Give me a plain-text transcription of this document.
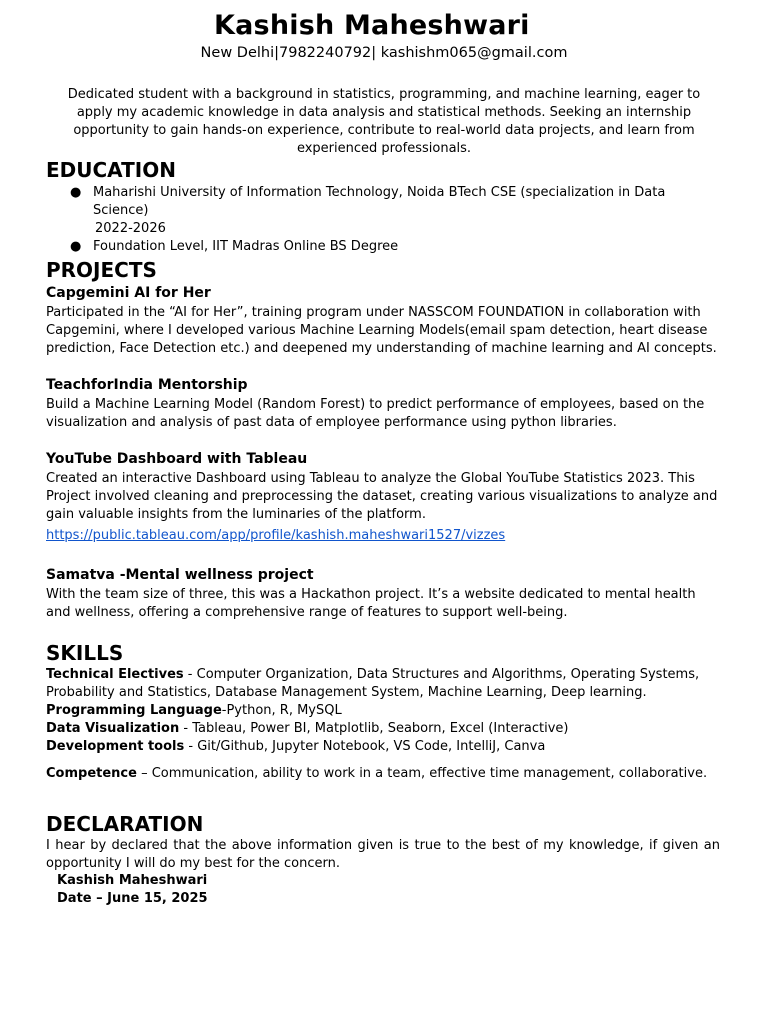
Kashish Maheshwari
New Delhi|7982240792| kashishm065@gmail.com
Dedicated student with a background in statistics, programming, and machine learning, eager to apply my academic knowledge in data analysis and statistical methods. Seeking an internship opportunity to gain hands-on experience, contribute to real-world data projects, and learn from experienced professionals.
EDUCATION
● Maharishi University of Information Technology, Noida BTech CSE (specialization in Data Science)
2022-2026
● Foundation Level, IIT Madras Online BS Degree
PROJECTS
Capgemini AI for Her
Participated in the “AI for Her”, training program under NASSCOM FOUNDATION in collaboration with Capgemini, where I developed various Machine Learning Models(email spam detection, heart disease prediction, Face Detection etc.) and deepened my understanding of machine learning and AI concepts.
TeachforIndia Mentorship
Build a Machine Learning Model (Random Forest) to predict performance of employees, based on the visualization and analysis of past data of employee performance using python libraries.
YouTube Dashboard with Tableau
Created an interactive Dashboard using Tableau to analyze the Global YouTube Statistics 2023. This Project involved cleaning and preprocessing the dataset, creating various visualizations to analyze and gain valuable insights from the luminaries of the platform.
https://public.tableau.com/app/profile/kashish.maheshwari1527/vizzes
Samatva -Mental wellness project
With the team size of three, this was a Hackathon project. It’s a website dedicated to mental health and wellness, offering a comprehensive range of features to support well-being.
SKILLS
Technical Electives - Computer Organization, Data Structures and Algorithms, Operating Systems, Probability and Statistics, Database Management System, Machine Learning, Deep learning.
Programming Language-Python, R, MySQL
Data Visualization - Tableau, Power BI, Matplotlib, Seaborn, Excel (Interactive)
Development tools - Git/Github, Jupyter Notebook, VS Code, IntelliJ, Canva
Competence – Communication, ability to work in a team, effective time management, collaborative.
DECLARATION
I hear by declared that the above information given is true to the best of my knowledge, if given an opportunity I will do my best for the concern.
Kashish Maheshwari
Date – June 15, 2025
